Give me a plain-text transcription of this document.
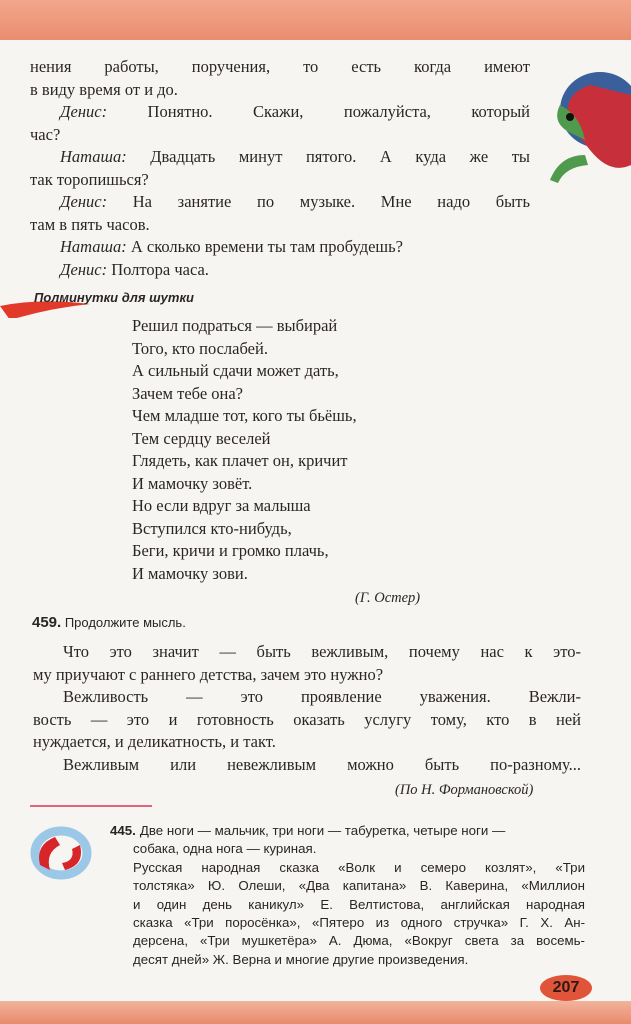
нения работы, поручения, то есть когда имеют
в виду время от и до.
Денис: Понятно. Скажи, пожалуйста, который
час?
Наташа: Двадцать минут пятого. А куда же ты
так торопишься?
Денис: На занятие по музыке. Мне надо быть
там в пять часов.
Наташа: А сколько времени ты там пробудешь?
Денис: Полтора часа.
Полминутки для шутки
Решил подраться — выбирай
Того, кто послабей.
А сильный сдачи может дать,
Зачем тебе она?
Чем младше тот, кого ты бьёшь,
Тем сердцу веселей
Глядеть, как плачет он, кричит
И мамочку зовёт.
Но если вдруг за малыша
Вступился кто-нибудь,
Беги, кричи и громко плачь,
И мамочку зови.
(Г. Остер)
459. Продолжите мысль.
Что это значит — быть вежливым, почему нас к это-
му приучают с раннего детства, зачем это нужно?
Вежливость — это проявление уважения. Вежли-
вость — это и готовность оказать услугу тому, кто в ней
нуждается, и деликатность, и такт.
Вежливым или невежливым можно быть по-разному...
(По Н. Формановской)
445. Две ноги — мальчик, три ноги — табуретка, четыре ноги —
собака, одна нога — куриная.
Русская народная сказка «Волк и семеро козлят», «Три
толстяка» Ю. Олеши, «Два капитана» В. Каверина, «Миллион
и один день каникул» Е. Велтистова, английская народная
сказка «Три поросёнка», «Пятеро из одного стручка» Г. Х. Ан-
дерсена, «Три мушкетёра» А. Дюма, «Вокруг света за восемь-
десят дней» Ж. Верна и многие другие произведения.
207
